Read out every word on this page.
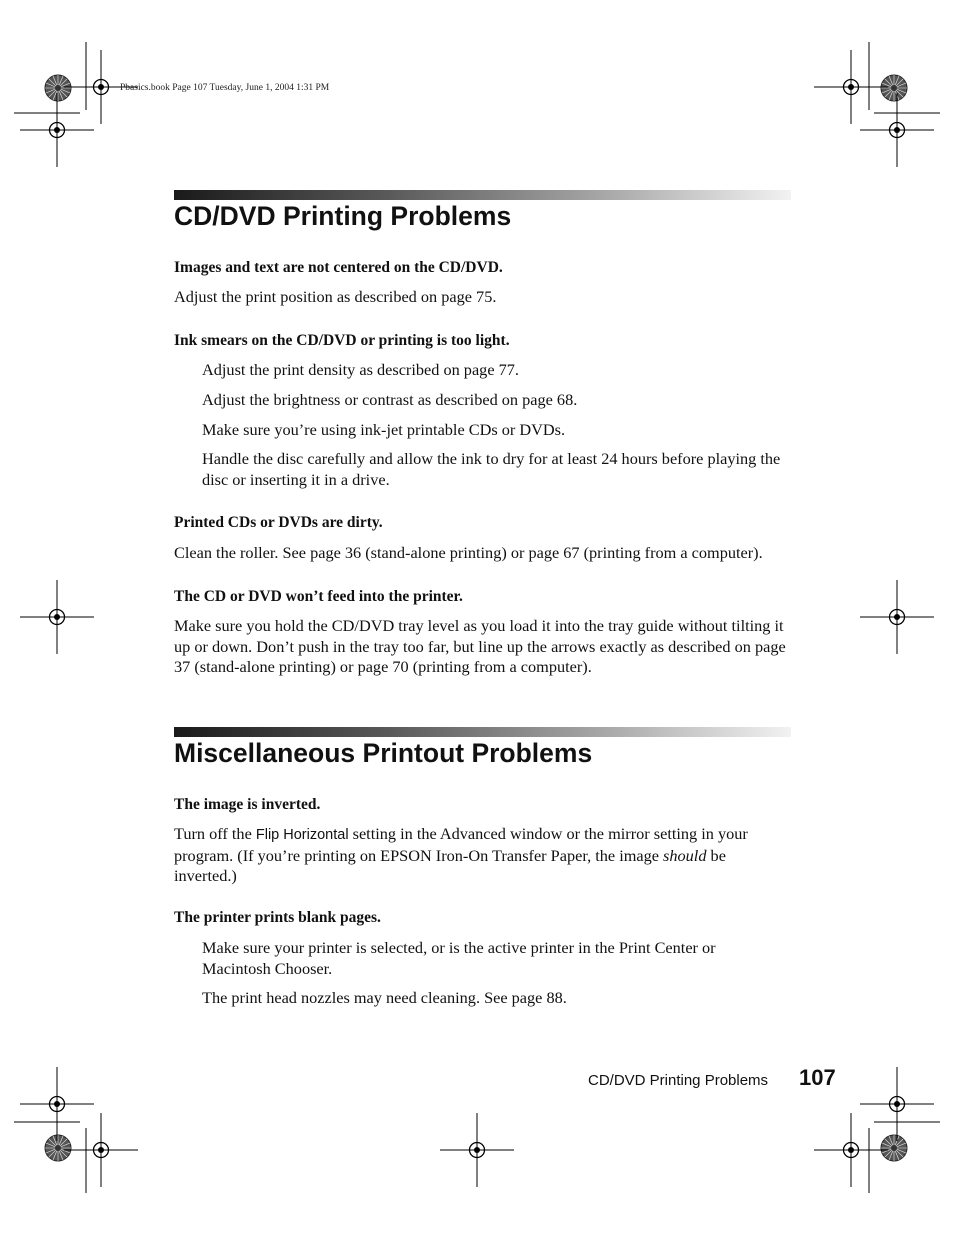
Pbasics.book Page 107 Tuesday, June 1, 2004 1:31 PM
CD/DVD Printing Problems
Images and text are not centered on the CD/DVD.
Adjust the print position as described on page 75.
Ink smears on the CD/DVD or printing is too light.
Adjust the print density as described on page 77.
Adjust the brightness or contrast as described on page 68.
Make sure you’re using ink-jet printable CDs or DVDs.
Handle the disc carefully and allow the ink to dry for at least 24 hours before playing the disc or inserting it in a drive.
Printed CDs or DVDs are dirty.
Clean the roller. See page 36 (stand-alone printing) or page 67 (printing from a computer).
The CD or DVD won’t feed into the printer.
Make sure you hold the CD/DVD tray level as you load it into the tray guide without tilting it up or down. Don’t push in the tray too far, but line up the arrows exactly as described on page 37 (stand-alone printing) or page 70 (printing from a computer).
Miscellaneous Printout Problems
The image is inverted.
Turn off the Flip Horizontal setting in the Advanced window or the mirror setting in your program. (If you’re printing on EPSON Iron-On Transfer Paper, the image should be inverted.)
The printer prints blank pages.
Make sure your printer is selected, or is the active printer in the Print Center or Macintosh Chooser.
The print head nozzles may need cleaning. See page 88.
CD/DVD Printing Problems 107
